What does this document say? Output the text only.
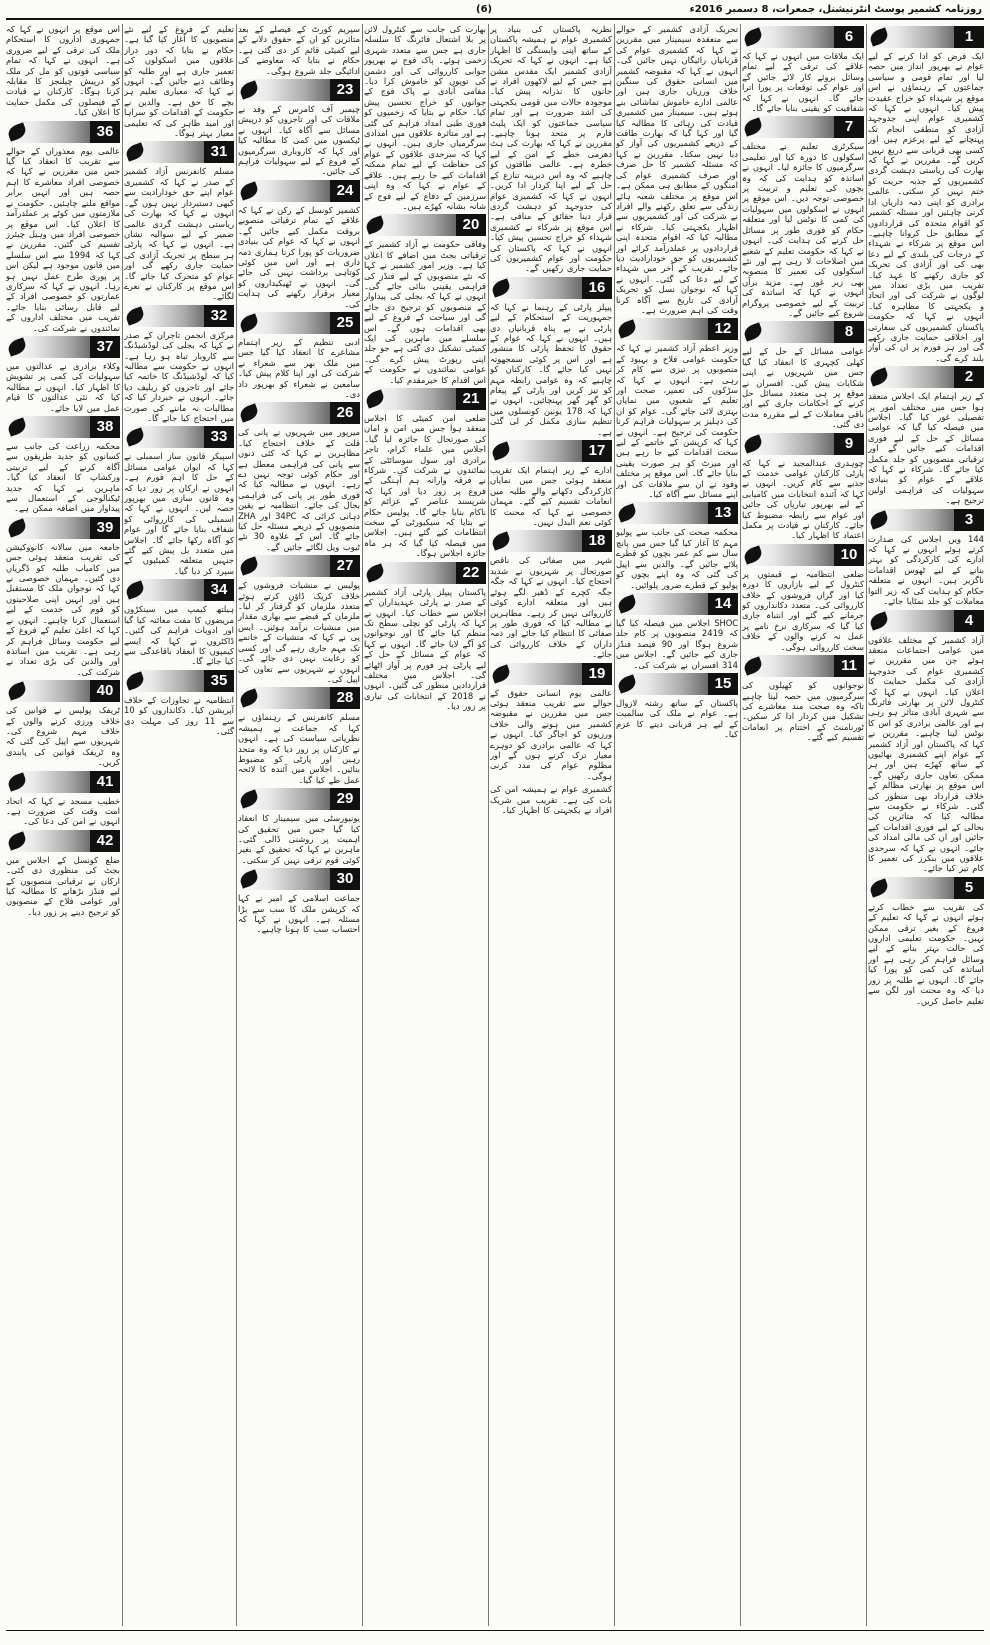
روزنامہ کشمیر پوسٹ انٹرنیشنل، جمعرات، 8 دسمبر 2016ء
(6)
1
ایک فرض کو ادا کرنے کے لیے عوام نے بھرپور انداز میں حصہ لیا اور تمام قومی و سیاسی جماعتوں کے رہنماؤں نے اس موقع پر شہداء کو خراج عقیدت پیش کیا۔ انہوں نے کہا کہ کشمیری عوام اپنی جدوجہد آزادی کو منطقی انجام تک پہنچانے کے لیے پرعزم ہیں اور کسی بھی قربانی سے دریغ نہیں کریں گے۔ مقررین نے کہا کہ بھارت کی ریاستی دہشت گردی کشمیریوں کے جذبہ حریت کو ختم نہیں کر سکتی۔ عالمی برادری کو اپنی ذمہ داریاں ادا کرنی چاہئیں اور مسئلہ کشمیر کو اقوام متحدہ کی قراردادوں کے مطابق حل کروانا چاہیے۔ اس موقع پر شرکاء نے شہداء کے درجات کی بلندی کے لیے دعا بھی کی اور آزادی کی تحریک کو جاری رکھنے کا عہد کیا۔ تقریب میں بڑی تعداد میں لوگوں نے شرکت کی اور اتحاد و یکجہتی کا مظاہرہ کیا۔ انہوں نے کہا کہ حکومت پاکستان کشمیریوں کی سفارتی اور اخلاقی حمایت جاری رکھے گی اور ہر فورم پر ان کی آواز بلند کرے گی۔
2
کے زیر اہتمام ایک اجلاس منعقد ہوا جس میں مختلف امور پر تفصیلی غور کیا گیا۔ اجلاس میں فیصلہ کیا گیا کہ عوامی مسائل کے حل کے لیے فوری اقدامات کیے جائیں گے اور ترقیاتی منصوبوں کو جلد مکمل کیا جائے گا۔ شرکاء نے کہا کہ علاقے کے عوام کو بنیادی سہولیات کی فراہمی اولین ترجیح ہے۔
3
144 ویں اجلاس کی صدارت کرتے ہوئے انہوں نے کہا کہ ادارے کی کارکردگی کو بہتر بنانے کے لیے ٹھوس اقدامات ناگزیر ہیں۔ انہوں نے متعلقہ حکام کو ہدایت کی کہ زیر التوا معاملات کو جلد نمٹایا جائے۔
4
آزاد کشمیر کے مختلف علاقوں میں عوامی اجتماعات منعقد ہوئے جن میں مقررین نے کشمیری عوام کی جدوجہد آزادی کی مکمل حمایت کا اعلان کیا۔ انہوں نے کہا کہ کنٹرول لائن پر بھارتی فائرنگ سے شہری آبادی متاثر ہو رہی ہے اور عالمی برادری کو اس کا نوٹس لینا چاہیے۔ مقررین نے کہا کہ پاکستان اور آزاد کشمیر کے عوام اپنے کشمیری بھائیوں کے ساتھ کھڑے ہیں اور ہر ممکن تعاون جاری رکھیں گے۔ اس موقع پر بھارتی مظالم کے خلاف قرارداد بھی منظور کی گئی۔ شرکاء نے حکومت سے مطالبہ کیا کہ متاثرین کی بحالی کے لیے فوری اقدامات کیے جائیں اور ان کی مالی امداد کی جائے۔ انہوں نے کہا کہ سرحدی علاقوں میں بنکرز کی تعمیر کا کام تیز کیا جائے۔
5
کی تقریب سے خطاب کرتے ہوئے انہوں نے کہا کہ تعلیم کے فروغ کے بغیر ترقی ممکن نہیں۔ حکومت تعلیمی اداروں کی حالت بہتر بنانے کے لیے وسائل فراہم کر رہی ہے اور اساتذہ کی کمی کو پورا کیا جائے گا۔ انہوں نے طلبہ پر زور دیا کہ وہ محنت اور لگن سے تعلیم حاصل کریں۔
6
ایک ملاقات میں انہوں نے کہا کہ علاقے کی ترقی کے لیے تمام وسائل بروئے کار لائے جائیں گے اور عوام کی توقعات پر پورا اترا جائے گا۔ انہوں نے کہا کہ شفافیت کو یقینی بنایا جائے گا۔
7
سیکرٹری تعلیم نے مختلف اسکولوں کا دورہ کیا اور تعلیمی سرگرمیوں کا جائزہ لیا۔ انہوں نے اساتذہ کو ہدایت کی کہ وہ بچوں کی تعلیم و تربیت پر خصوصی توجہ دیں۔ اس موقع پر انہوں نے اسکولوں میں سہولیات کی کمی کا نوٹس لیا اور متعلقہ حکام کو فوری طور پر مسائل حل کرنے کی ہدایت کی۔ انہوں نے کہا کہ حکومت تعلیم کے شعبے میں اصلاحات لا رہی ہے اور نئے اسکولوں کی تعمیر کا منصوبہ بھی زیر غور ہے۔ مزید برآں انہوں نے کہا کہ اساتذہ کی تربیت کے لیے خصوصی پروگرام شروع کیے جائیں گے۔
8
عوامی مسائل کے حل کے لیے کھلی کچہری کا انعقاد کیا گیا جس میں شہریوں نے اپنی شکایات پیش کیں۔ افسران نے موقع پر ہی متعدد مسائل حل کرنے کے احکامات جاری کیے اور باقی معاملات کے لیے مقررہ مدت دی گئی۔
9
چوہدری عبدالمجید نے کہا کہ پارٹی کارکنان عوامی خدمت کے جذبے سے کام کریں۔ انہوں نے کہا کہ آئندہ انتخابات میں کامیابی کے لیے بھرپور تیاریاں کی جائیں اور عوام سے رابطہ مضبوط کیا جائے۔ کارکنان نے قیادت پر مکمل اعتماد کا اظہار کیا۔
10
ضلعی انتظامیہ نے قیمتوں پر کنٹرول کے لیے بازاروں کا دورہ کیا اور گراں فروشوں کے خلاف کارروائی کی۔ متعدد دکانداروں کو جرمانے کیے گئے اور انتباہ جاری کیا گیا کہ سرکاری نرخ نامے پر عمل نہ کرنے والوں کے خلاف سخت کارروائی ہوگی۔
11
نوجوانوں کو کھیلوں کی سرگرمیوں میں حصہ لینا چاہیے تاکہ وہ صحت مند معاشرے کی تشکیل میں کردار ادا کر سکیں۔ ٹورنامنٹ کے اختتام پر انعامات تقسیم کیے گئے۔
تحریک آزادی کشمیر کے حوالے سے منعقدہ سیمینار میں مقررین نے کہا کہ کشمیری عوام کی قربانیاں رائیگاں نہیں جائیں گی۔ انہوں نے کہا کہ مقبوضہ کشمیر میں انسانی حقوق کی سنگین خلاف ورزیاں جاری ہیں اور عالمی ادارے خاموش تماشائی بنے ہوئے ہیں۔ سیمینار میں کشمیری قیادت کی رہائی کا مطالبہ کیا گیا اور کہا گیا کہ بھارت طاقت کے ذریعے کشمیریوں کی آواز کو دبا نہیں سکتا۔ مقررین نے کہا کہ مسئلہ کشمیر کا حل صرف اور صرف کشمیری عوام کی امنگوں کے مطابق ہی ممکن ہے۔ اس موقع پر مختلف شعبہ ہائے زندگی سے تعلق رکھنے والے افراد نے شرکت کی اور کشمیریوں سے اظہار یکجہتی کیا۔ شرکاء نے مطالبہ کیا کہ اقوام متحدہ اپنی قراردادوں پر عملدرآمد کرائے اور کشمیریوں کو حق خودارادیت دیا جائے۔ تقریب کے آخر میں شہداء کے لیے دعا کی گئی۔ انہوں نے کہا کہ نوجوان نسل کو تحریک آزادی کی تاریخ سے آگاہ کرنا وقت کی اہم ضرورت ہے۔
12
وزیر اعظم آزاد کشمیر نے کہا کہ حکومت عوامی فلاح و بہبود کے منصوبوں پر تیزی سے کام کر رہی ہے۔ انہوں نے کہا کہ سڑکوں کی تعمیر، صحت اور تعلیم کے شعبوں میں نمایاں بہتری لائی جائے گی۔ عوام کو ان کی دہلیز پر سہولیات فراہم کرنا حکومت کی ترجیح ہے۔ انہوں نے کہا کہ کرپشن کے خاتمے کے لیے سخت اقدامات کیے جا رہے ہیں اور میرٹ کو ہر صورت یقینی بنایا جائے گا۔ اس موقع پر مختلف وفود نے ان سے ملاقات کی اور اپنے مسائل سے آگاہ کیا۔
13
محکمہ صحت کی جانب سے پولیو مہم کا آغاز کیا گیا جس میں پانچ سال سے کم عمر بچوں کو قطرے پلائے جائیں گے۔ والدین سے اپیل کی گئی کہ وہ اپنے بچوں کو پولیو کے قطرے ضرور پلوائیں۔
14
SHOC اجلاس میں فیصلہ کیا گیا کہ 2419 منصوبوں پر کام جلد شروع ہوگا اور 90 فیصد فنڈز جاری کیے جائیں گے۔ اجلاس میں 314 افسران نے شرکت کی۔
15
پاکستان کے ساتھ رشتہ لازوال ہے۔ عوام نے ملک کی سالمیت کے لیے ہر قربانی دینے کا عزم کیا۔
نظریہ پاکستان کی بنیاد پر کشمیری عوام نے ہمیشہ پاکستان کے ساتھ اپنی وابستگی کا اظہار کیا ہے۔ انہوں نے کہا کہ تحریک آزادی کشمیر ایک مقدس مشن ہے جس کے لیے لاکھوں افراد نے جانوں کا نذرانہ پیش کیا۔ موجودہ حالات میں قومی یکجہتی کی اشد ضرورت ہے اور تمام سیاسی جماعتوں کو ایک پلیٹ فارم پر متحد ہونا چاہیے۔ مقررین نے کہا کہ بھارت کی ہٹ دھرمی خطے کے امن کے لیے خطرہ ہے۔ عالمی طاقتوں کو چاہیے کہ وہ اس دیرینہ تنازع کے حل کے لیے اپنا کردار ادا کریں۔ انہوں نے کہا کہ کشمیری عوام کی جدوجہد کو دہشت گردی قرار دینا حقائق کے منافی ہے۔ اس موقع پر شرکاء نے کشمیری شہداء کو خراج تحسین پیش کیا۔ انہوں نے کہا کہ پاکستان کی حکومت اور عوام کشمیریوں کی حمایت جاری رکھیں گے۔
16
پیپلز پارٹی کے رہنما نے کہا کہ جمہوریت کے استحکام کے لیے پارٹی نے بے پناہ قربانیاں دی ہیں۔ انہوں نے کہا کہ عوام کے حقوق کا تحفظ پارٹی کا منشور ہے اور اس پر کوئی سمجھوتہ نہیں کیا جائے گا۔ کارکنان کو چاہیے کہ وہ عوامی رابطہ مہم کو تیز کریں اور پارٹی کے پیغام کو گھر گھر پہنچائیں۔ انہوں نے کہا کہ 178 یونین کونسلوں میں تنظیم سازی مکمل کر لی گئی ہے۔
17
ادارے کے زیر اہتمام ایک تقریب منعقد ہوئی جس میں نمایاں کارکردگی دکھانے والے طلبہ میں انعامات تقسیم کیے گئے۔ مہمان خصوصی نے کہا کہ محنت کا کوئی نعم البدل نہیں۔
18
شہر میں صفائی کی ناقص صورتحال پر شہریوں نے شدید احتجاج کیا۔ انہوں نے کہا کہ جگہ جگہ کچرے کے ڈھیر لگے ہوئے ہیں اور متعلقہ ادارے کوئی کارروائی نہیں کر رہے۔ مظاہرین نے مطالبہ کیا کہ فوری طور پر صفائی کا انتظام کیا جائے اور ذمہ داران کے خلاف کارروائی کی جائے۔
19
عالمی یوم انسانی حقوق کے حوالے سے تقریب منعقد ہوئی جس میں مقررین نے مقبوضہ کشمیر میں ہونے والی خلاف ورزیوں کو اجاگر کیا۔ انہوں نے کہا کہ عالمی برادری کو دوہرے معیار ترک کرنے ہوں گے اور مظلوم عوام کی مدد کرنی ہوگی۔
کشمیری عوام نے ہمیشہ امن کی بات کی ہے۔ تقریب میں شریک افراد نے یکجہتی کا اظہار کیا۔
بھارت کی جانب سے کنٹرول لائن پر بلا اشتعال فائرنگ کا سلسلہ جاری ہے جس سے متعدد شہری زخمی ہوئے۔ پاک فوج نے بھرپور جوابی کارروائی کی اور دشمن کی توپوں کو خاموش کرا دیا۔ مقامی آبادی نے پاک فوج کے جوانوں کو خراج تحسین پیش کیا۔ حکام نے بتایا کہ زخمیوں کو فوری طبی امداد فراہم کی گئی ہے اور متاثرہ علاقوں میں امدادی سرگرمیاں جاری ہیں۔ انہوں نے کہا کہ سرحدی علاقوں کے عوام کی حفاظت کے لیے تمام ممکنہ اقدامات کیے جا رہے ہیں۔ علاقے کے عوام نے کہا کہ وہ اپنی سرزمین کے دفاع کے لیے فوج کے شانہ بشانہ کھڑے ہیں۔
20
وفاقی حکومت نے آزاد کشمیر کے ترقیاتی بجٹ میں اضافے کا اعلان کیا ہے۔ وزیر امور کشمیر نے کہا کہ نئے منصوبوں کے لیے فنڈز کی فراہمی یقینی بنائی جائے گی۔ انہوں نے کہا کہ بجلی کی پیداوار کے منصوبوں کو ترجیح دی جائے گی اور سیاحت کے فروغ کے لیے بھی اقدامات ہوں گے۔ اس سلسلے میں ماہرین کی ایک کمیٹی تشکیل دی گئی ہے جو جلد اپنی رپورٹ پیش کرے گی۔ عوامی نمائندوں نے حکومت کے اس اقدام کا خیرمقدم کیا۔
21
ضلعی امن کمیٹی کا اجلاس منعقد ہوا جس میں امن و امان کی صورتحال کا جائزہ لیا گیا۔ اجلاس میں علماء کرام، تاجر برادری اور سول سوسائٹی کے نمائندوں نے شرکت کی۔ شرکاء نے فرقہ وارانہ ہم آہنگی کے فروغ پر زور دیا اور کہا کہ شرپسند عناصر کے عزائم کو ناکام بنایا جائے گا۔ پولیس حکام نے بتایا کہ سیکیورٹی کے سخت انتظامات کیے گئے ہیں۔ اجلاس میں فیصلہ کیا گیا کہ ہر ماہ جائزہ اجلاس ہوگا۔
22
پاکستان پیپلز پارٹی آزاد کشمیر کے صدر نے پارٹی عہدیداران کے اجلاس سے خطاب کیا۔ انہوں نے کہا کہ پارٹی کو نچلی سطح تک منظم کیا جائے گا اور نوجوانوں کو آگے لایا جائے گا۔ انہوں نے کہا کہ عوام کے مسائل کے حل کے لیے پارٹی ہر فورم پر آواز اٹھائے گی۔ اجلاس میں مختلف قراردادیں منظور کی گئیں۔ انہوں نے 2018 کے انتخابات کی تیاری پر زور دیا۔
سپریم کورٹ کے فیصلے کے بعد متاثرین کو ان کے حقوق دلانے کے لیے کمیٹی قائم کر دی گئی ہے۔ حکام نے بتایا کہ معاوضے کی ادائیگی جلد شروع ہوگی۔
23
چیمبر آف کامرس کے وفد نے ملاقات کی اور تاجروں کو درپیش مسائل سے آگاہ کیا۔ انہوں نے ٹیکسوں میں کمی کا مطالبہ کیا اور کہا کہ کاروباری سرگرمیوں کے فروغ کے لیے سہولیات فراہم کی جائیں۔
24
کشمیر کونسل کے رکن نے کہا کہ علاقے کے تمام ترقیاتی منصوبے بروقت مکمل کیے جائیں گے۔ انہوں نے کہا کہ عوام کی بنیادی ضروریات کو پورا کرنا ہماری ذمہ داری ہے اور اس میں کوئی کوتاہی برداشت نہیں کی جائے گی۔ انہوں نے ٹھیکیداروں کو معیار برقرار رکھنے کی ہدایت کی۔
25
ادبی تنظیم کے زیر اہتمام مشاعرے کا انعقاد کیا گیا جس میں ملک بھر سے شعراء نے شرکت کی اور اپنا کلام پیش کیا۔ سامعین نے شعراء کو بھرپور داد دی۔
26
میرپور میں شہریوں نے پانی کی قلت کے خلاف احتجاج کیا۔ مظاہرین نے کہا کہ کئی دنوں سے پانی کی فراہمی معطل ہے اور حکام کوئی توجہ نہیں دے رہے۔ انہوں نے مطالبہ کیا کہ فوری طور پر پانی کی فراہمی بحال کی جائے۔ انتظامیہ نے یقین دہانی کرائی کہ 34PC اور ZHA منصوبوں کے ذریعے مسئلہ حل کیا جائے گا۔ اس کے علاوہ 30 نئے ٹیوب ویل لگائے جائیں گے۔
27
پولیس نے منشیات فروشوں کے خلاف کریک ڈاؤن کرتے ہوئے متعدد ملزمان کو گرفتار کر لیا۔ ملزمان کے قبضے سے بھاری مقدار میں منشیات برآمد ہوئیں۔ ایس پی نے کہا کہ منشیات کے خاتمے تک مہم جاری رہے گی اور کسی کو رعایت نہیں دی جائے گی۔ انہوں نے شہریوں سے تعاون کی اپیل کی۔
28
مسلم کانفرنس کے رہنماؤں نے کہا کہ جماعت نے ہمیشہ نظریاتی سیاست کی ہے۔ انہوں نے کارکنان پر زور دیا کہ وہ متحد رہیں اور پارٹی کو مضبوط بنائیں۔ اجلاس میں آئندہ کا لائحہ عمل طے کیا گیا۔
29
یونیورسٹی میں سیمینار کا انعقاد کیا گیا جس میں تحقیق کی اہمیت پر روشنی ڈالی گئی۔ ماہرین نے کہا کہ تحقیق کے بغیر کوئی قوم ترقی نہیں کر سکتی۔
30
جماعت اسلامی کے امیر نے کہا کہ کرپشن ملک کا سب سے بڑا مسئلہ ہے۔ انہوں نے کہا کہ احتساب سب کا ہونا چاہیے۔
تعلیم کے فروغ کے لیے نئے منصوبوں کا آغاز کیا گیا ہے۔ حکام نے بتایا کہ دور دراز علاقوں میں اسکولوں کی تعمیر جاری ہے اور طلبہ کو وظائف دیے جائیں گے۔ انہوں نے کہا کہ معیاری تعلیم ہر بچے کا حق ہے۔ والدین نے حکومت کے اقدامات کو سراہا اور امید ظاہر کی کہ تعلیمی معیار بہتر ہوگا۔
31
مسلم کانفرنس آزاد کشمیر کے صدر نے کہا کہ کشمیری عوام اپنے حق خودارادیت سے کبھی دستبردار نہیں ہوں گے۔ انہوں نے کہا کہ بھارت کی ریاستی دہشت گردی عالمی ضمیر کے لیے سوالیہ نشان ہے۔ انہوں نے کہا کہ پارٹی ہر سطح پر تحریک آزادی کی حمایت جاری رکھے گی اور عوام کو متحرک کیا جائے گا۔ اس موقع پر کارکنان نے نعرے لگائے۔
32
مرکزی انجمن تاجران کے صدر نے کہا کہ بجلی کی لوڈشیڈنگ سے کاروبار تباہ ہو رہا ہے۔ انہوں نے حکومت سے مطالبہ کیا کہ لوڈشیڈنگ کا خاتمہ کیا جائے اور تاجروں کو ریلیف دیا جائے۔ انہوں نے خبردار کیا کہ مطالبات نہ ماننے کی صورت میں احتجاج کیا جائے گا۔
33
اسپیکر قانون ساز اسمبلی نے کہا کہ ایوان عوامی مسائل کے حل کا اہم فورم ہے۔ انہوں نے ارکان پر زور دیا کہ وہ قانون سازی میں بھرپور حصہ لیں۔ انہوں نے کہا کہ اسمبلی کی کارروائی کو شفاف بنایا جائے گا اور عوام کو آگاہ رکھا جائے گا۔ اجلاس میں متعدد بل پیش کیے گئے جنہیں متعلقہ کمیٹیوں کے سپرد کر دیا گیا۔
34
ہیلتھ کیمپ میں سینکڑوں مریضوں کا مفت معائنہ کیا گیا اور ادویات فراہم کی گئیں۔ ڈاکٹروں نے کہا کہ ایسے کیمپوں کا انعقاد باقاعدگی سے کیا جائے گا۔
35
انتظامیہ نے تجاوزات کے خلاف آپریشن کیا۔ دکانداروں کو 10 سے 11 روز کی مہلت دی گئی۔
اس موقع پر انہوں نے کہا کہ جمہوری اداروں کا استحکام ملک کی ترقی کے لیے ضروری ہے۔ انہوں نے کہا کہ تمام سیاسی قوتوں کو مل کر ملک کو درپیش چیلنجز کا مقابلہ کرنا ہوگا۔ کارکنان نے قیادت کے فیصلوں کی مکمل حمایت کا اعلان کیا۔
36
عالمی یوم معذوراں کے حوالے سے تقریب کا انعقاد کیا گیا جس میں مقررین نے کہا کہ خصوصی افراد معاشرے کا اہم حصہ ہیں اور انہیں برابر مواقع ملنے چاہئیں۔ حکومت نے ملازمتوں میں کوٹے پر عملدرآمد کا اعلان کیا۔ اس موقع پر خصوصی افراد میں وہیل چیئرز تقسیم کی گئیں۔ مقررین نے کہا کہ 1994 سے اس سلسلے میں قانون موجود ہے لیکن اس پر پوری طرح عمل نہیں ہو رہا۔ انہوں نے کہا کہ سرکاری عمارتوں کو خصوصی افراد کے لیے قابل رسائی بنایا جائے۔ تقریب میں مختلف اداروں کے نمائندوں نے شرکت کی۔
37
وکلاء برادری نے عدالتوں میں سہولیات کی کمی پر تشویش کا اظہار کیا۔ انہوں نے مطالبہ کیا کہ نئی عدالتوں کا قیام عمل میں لایا جائے۔
38
محکمہ زراعت کی جانب سے کسانوں کو جدید طریقوں سے آگاہ کرنے کے لیے تربیتی ورکشاپ کا انعقاد کیا گیا۔ ماہرین نے کہا کہ جدید ٹیکنالوجی کے استعمال سے پیداوار میں اضافہ ممکن ہے۔
39
جامعہ میں سالانہ کانووکیشن کی تقریب منعقد ہوئی جس میں کامیاب طلبہ کو ڈگریاں دی گئیں۔ مہمان خصوصی نے کہا کہ نوجوان ملک کا مستقبل ہیں اور انہیں اپنی صلاحیتوں کو قوم کی خدمت کے لیے استعمال کرنا چاہیے۔ انہوں نے کہا کہ اعلیٰ تعلیم کے فروغ کے لیے حکومت وسائل فراہم کر رہی ہے۔ تقریب میں اساتذہ اور والدین کی بڑی تعداد نے شرکت کی۔
40
ٹریفک پولیس نے قوانین کی خلاف ورزی کرنے والوں کے خلاف مہم شروع کی۔ شہریوں سے اپیل کی گئی کہ وہ ٹریفک قوانین کی پابندی کریں۔
41
خطیب مسجد نے کہا کہ اتحاد امت وقت کی ضرورت ہے۔ انہوں نے امن کی دعا کی۔
42
ضلع کونسل کے اجلاس میں بجٹ کی منظوری دی گئی۔ ارکان نے ترقیاتی منصوبوں کے لیے فنڈز بڑھانے کا مطالبہ کیا اور عوامی فلاح کے منصوبوں کو ترجیح دینے پر زور دیا۔
